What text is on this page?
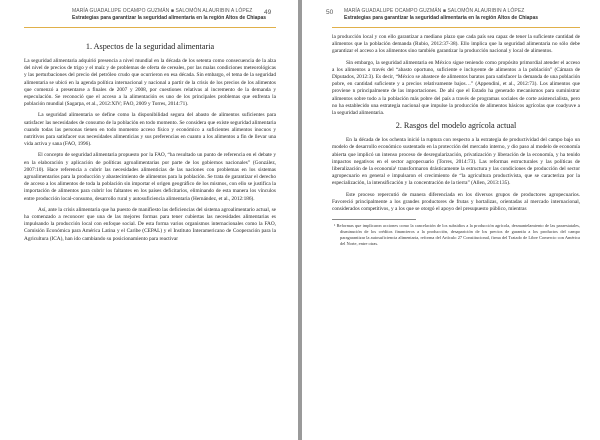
MARÍA GUADALUPE OCAMPO GUZMÁN ■ SALOMÓN ALAURIBIN A LÓPEZ
Estrategias para garantizar la seguridad alimentaria en la región Altos de Chiapas
49
1. Aspectos de la seguridad alimentaria

La seguridad alimentaria adquirió presencia a nivel mundial en la década de los setenta como consecuencia de la alza del nivel de precios de trigo y el maíz y de problemas de oferta de cereales, por las malas condiciones meteorológicas y las perturbaciones del precio del petróleo crudo que ocurrieron en esa década. Sin embargo, el tema de la seguridad alimentaria se ubicó en la agenda política internacional y nacional a partir de la crisis de los precios de los alimentos que comenzó a presentarse a finales de 2007 y 2008, por cuestiones relativas al incremento de la demanda y especulación. Se reconoció que el acceso a la alimentación es uno de los principales problemas que enfrenta la población mundial (Sagarpa, et al., 2012:XIV; FAO, 2009 y Torres, 2014:71).

La seguridad alimentaria se define como la disponibilidad segura del abasto de alimentos suficientes para satisfacer las necesidades de consumo de la población en todo momento. Se considera que existe seguridad alimentaria cuando todas las personas tienen en todo momento acceso físico y económico a suficientes alimentos inocuos y nutritivos para satisfacer sus necesidades alimenticias y sus preferencias en cuanto a los alimentos a fin de llevar una vida activa y sana (FAO, 1996).

El concepto de seguridad alimentaria propuesto por la FAO, “ha resultado un punto de referencia en el debate y en la elaboración y aplicación de políticas agroalimentarias por parte de los gobiernos nacionales” (González, 2007:10). Hace referencia a cubrir las necesidades alimenticias de las naciones con problemas en los sistemas agroalimentarios para la producción y abastecimiento de alimentos para la población. Se trata de garantizar el derecho de acceso a los alimentos de toda la población sin importar el origen geográfico de los mismos, con ello se justifica la importación de alimentos para cubrir los faltantes en los países deficitarios, eliminando de esta manera los vínculos entre producción local-consumo, desarrollo rural y autosuficiencia alimentaria (Hernández, et al., 2012:186).

Así, ante la crisis alimentaria que ha puesto de manifiesto las deficiencias del sistema agroalimentario actual, se ha comenzado a reconocer que una de las mejores formas para tener cubiertas las necesidades alimentarias es impulsando la producción local con enfoque social. De esta forma varios organismos internacionales como la FAO, Comisión Económica para América Latina y el Caribe (CEPAL) y el Instituto Interamericano de Cooperación para la Agricultura (ICA), han ido cambiando su posicionamiento para reactivar

50 MARÍA GUADALUPE OCAMPO GUZMÁN ■ SALOMÓN ALAURIBIN A LÓPEZ
Estrategias para garantizar la seguridad alimentaria en la región Altos de Chiapas

la producción local y con ello garantizar a mediano plazo que cada país sea capaz de tener la suficiente cantidad de alimentos que la población demanda (Rubio, 2012:37-38). Ello implica que la seguridad alimentaria no sólo debe garantizar el acceso a los alimentos sino también garantizar la producción nacional y local de alimentos.

Sin embargo, la seguridad alimentaria en México sigue teniendo como propósito primordial atender el acceso a los alimentos a través del “abasto oportuno, suficiente e incluyente de alimentos a la población” (Cámara de Diputados, 2012:3). Es decir, “México se abastece de alimentos baratos para satisfacer la demanda de una población pobre, en cantidad suficiente y a precios relativamente bajos…” (Appendini, et al., 2012:73). Los alimentos que proviene n principalmente de las importaciones. De ahí que el Estado ha generado mecanismos para suministrar alimentos sobre todo a la población más pobre del país a través de programas sociales de corte asistencialista, pero no ha establecido una estrategia nacional que impulse la producción de alimentos básicos agrícolas que coadyuve a la seguridad alimentaria.

2. Rasgos del modelo agrícola actual

En la década de los ochenta inició la ruptura con respecto a la estrategia de productividad del campo bajo un modelo de desarrollo económico sustentado en la protección del mercado interno, y dio paso al modelo de economía abierta que implicó un intenso proceso de desregularización, privatización y liberación de la economía, y ha tenido impactos negativos en el sector agropecuario (Torres, 2014:73). Las reformas estructurales y las políticas de liberalización de la economía¹ transformaron drásticamente la estructura y las condiciones de producción del sector agropecuario en general e impulsaron el crecimiento de “la agricultura productivista, que se caracteriza por la especialización, la intensificación y la concentración de la tierra” (Allen, 2013:135).

Este proceso repercutió de manera diferenciada en los diversos grupos de productores agropecuarios. Favoreció principalmente a los grandes productores de frutas y hortalizas, orientadas al mercado internacional, considerados competitivos, y a los que se otorgó el apoyo del presupuesto público, mientras

¹ Reformas que implicaron acciones como la cancelación de los subsidios a la producción agrícola, desmantelamiento de las paraestatales, disminución de los créditos financieros a la producción, desaparición de los precios de garantía a los productos del campo paragarantizar la autosuficiencia alimentaria, reforma del Artículo 27 Constitucional, firma del Tratado de Libre Comercio con América del Norte, entre otras.
